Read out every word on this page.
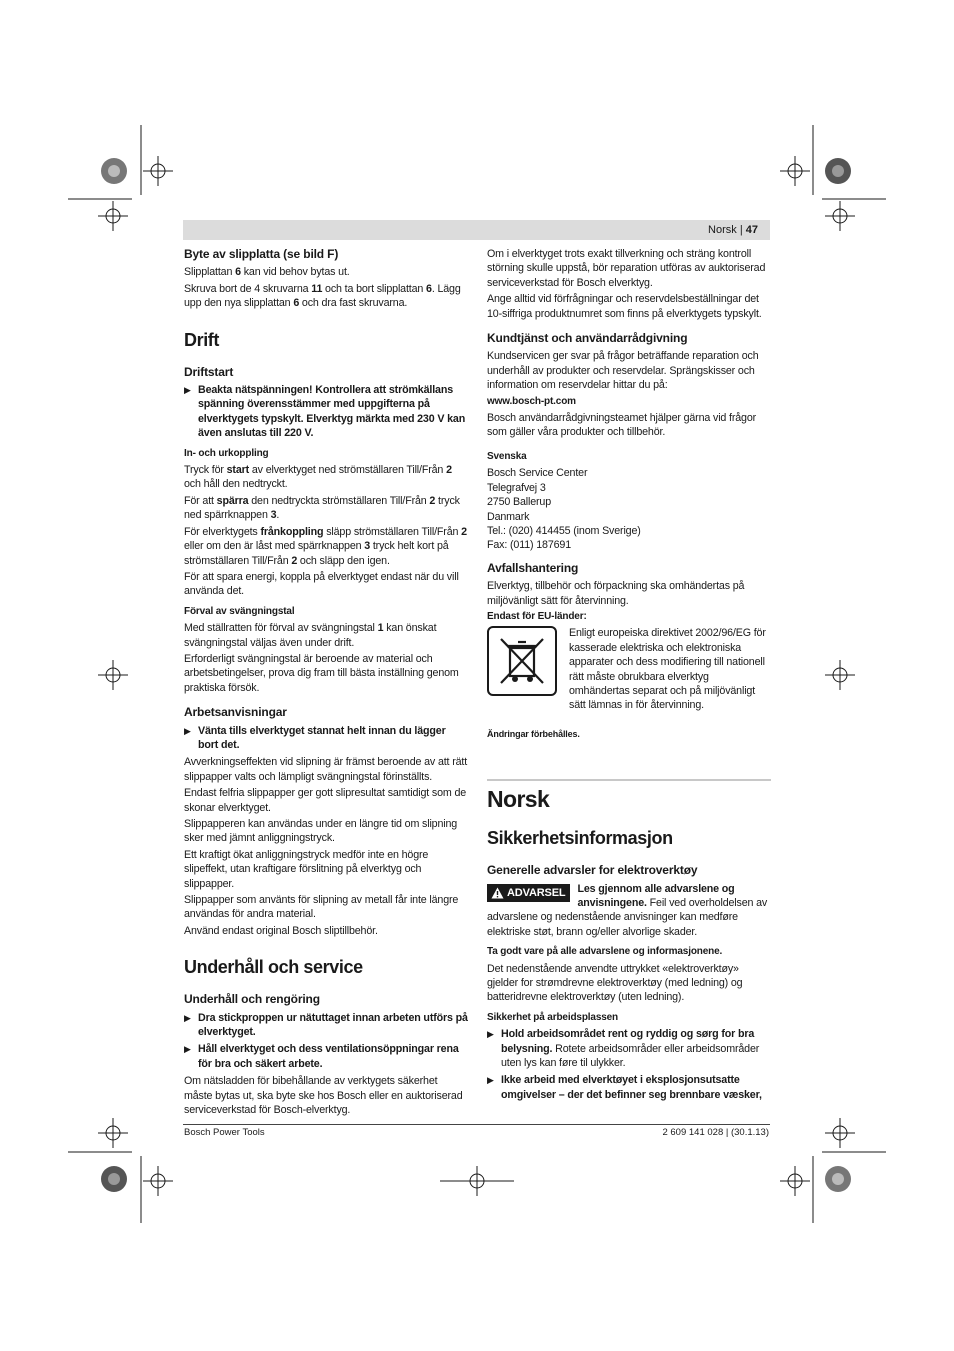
Norsk | 47
Byte av slipplatta (se bild F)

Slipplattan 6 kan vid behov bytas ut.

Skruva bort de 4 skruvarna 11 och ta bort slipplattan 6. Lägg upp den nya slipplattan 6 och dra fast skruvarna.

Drift
Driftstart
▶ Beakta nätspänningen! Kontrollera att strömkällans spänning överensstämmer med uppgifterna på elverktygets typskylt. Elverktyg märkta med 230 V kan även anslutas till 220 V.
In- och urkoppling

Tryck för start av elverktyget ned strömställaren Till/Från 2 och håll den nedtryckt.

För att spärra den nedtryckta strömställaren Till/Från 2 tryck ned spärrknappen 3.

För elverktygets frånkoppling släpp strömställaren Till/Från 2 eller om den är låst med spärrknappen 3 tryck helt kort på strömställaren Till/Från 2 och släpp den igen.

För att spara energi, koppla på elverktyget endast när du vill använda det.

Förval av svängningstal

Med ställratten för förval av svängningstal 1 kan önskat svängningstal väljas även under drift.

Erforderligt svängningstal är beroende av material och arbetsbetingelser, prova dig fram till bästa inställning genom praktiska försök.

Arbetsanvisningar
▶ Vänta tills elverktyget stannat helt innan du lägger bort det.

Avverkningseffekten vid slipning är främst beroende av att rätt slippapper valts och lämpligt svängningstal förinställts.

Endast felfria slippapper ger gott slipresultat samtidigt som de skonar elverktyget.

Slippapperen kan användas under en längre tid om slipning sker med jämnt anliggningstryck.

Ett kraftigt ökat anliggningstryck medför inte en högre slipeffekt, utan kraftigare förslitning på elverktyg och slippapper.

Slippapper som använts för slipning av metall får inte längre användas för andra material.

Använd endast original Bosch sliptillbehör.

Underhåll och service
Underhåll och rengöring
▶ Dra stickproppen ur nätuttaget innan arbeten utförs på elverktyget.
▶ Håll elverktyget och dess ventilationsöppningar rena för bra och säkert arbete.

Om nätsladden för bibehållande av verktygets säkerhet måste bytas ut, ska byte ske hos Bosch eller en auktoriserad serviceverkstad för Bosch-elverktyg.

Om i elverktyget trots exakt tillverkning och sträng kontroll störning skulle uppstå, bör reparation utföras av auktoriserad serviceverkstad för Bosch elverktyg.

Ange alltid vid förfrågningar och reservdelsbeställningar det 10-siffriga produktnumret som finns på elverktygets typskylt.

Kundtjänst och användarrådgivning

Kundservicen ger svar på frågor beträffande reparation och underhåll av produkter och reservdelar. Sprängskisser och information om reservdelar hittar du på:

www.bosch-pt.com

Bosch användarrådgivningsteamet hjälper gärna vid frågor som gäller våra produkter och tillbehör.

Svenska
Bosch Service Center
Telegrafvej 3
2750 Ballerup
Danmark
Tel.: (020) 414455 (inom Sverige)
Fax: (011) 187691
Avfallshantering

Elverktyg, tillbehör och förpackning ska omhändertas på miljövänligt sätt för återvinning.

Endast för EU-länder:
Enligt europeiska direktivet 2002/96/EG för kasserade elektriska och elektroniska apparater och dess modifiering till nationell rätt måste obrukbara elverktyg omhändertas separat och på miljövänligt sätt lämnas in för återvinning.
Ändringar förbehålles.
Norsk
Sikkerhetsinformasjon
Generelle advarsler for elektroverktøy
ADVARSEL Les gjennom alle advarslene og anvisningene. Feil ved overholdelsen av advarslene og nedenstående anvisninger kan medføre elektriske støt, brann og/eller alvorlige skader.
Ta godt vare på alle advarslene og informasjonene.

Det nedenstående anvendte uttrykket «elektroverktøy» gjelder for strømdrevne elektroverktøy (med ledning) og batteridrevne elektroverktøy (uten ledning).

Sikkerhet på arbeidsplassen
▶ Hold arbeidsområdet rent og ryddig og sørg for bra belysning. Rotete arbeidsområder eller arbeidsområder uten lys kan føre til ulykker.
▶ Ikke arbeid med elverktøyet i eksplosjonsutsatte omgivelser – der det befinner seg brennbare væsker,
Bosch Power Tools	2 609 141 028 | (30.1.13)
